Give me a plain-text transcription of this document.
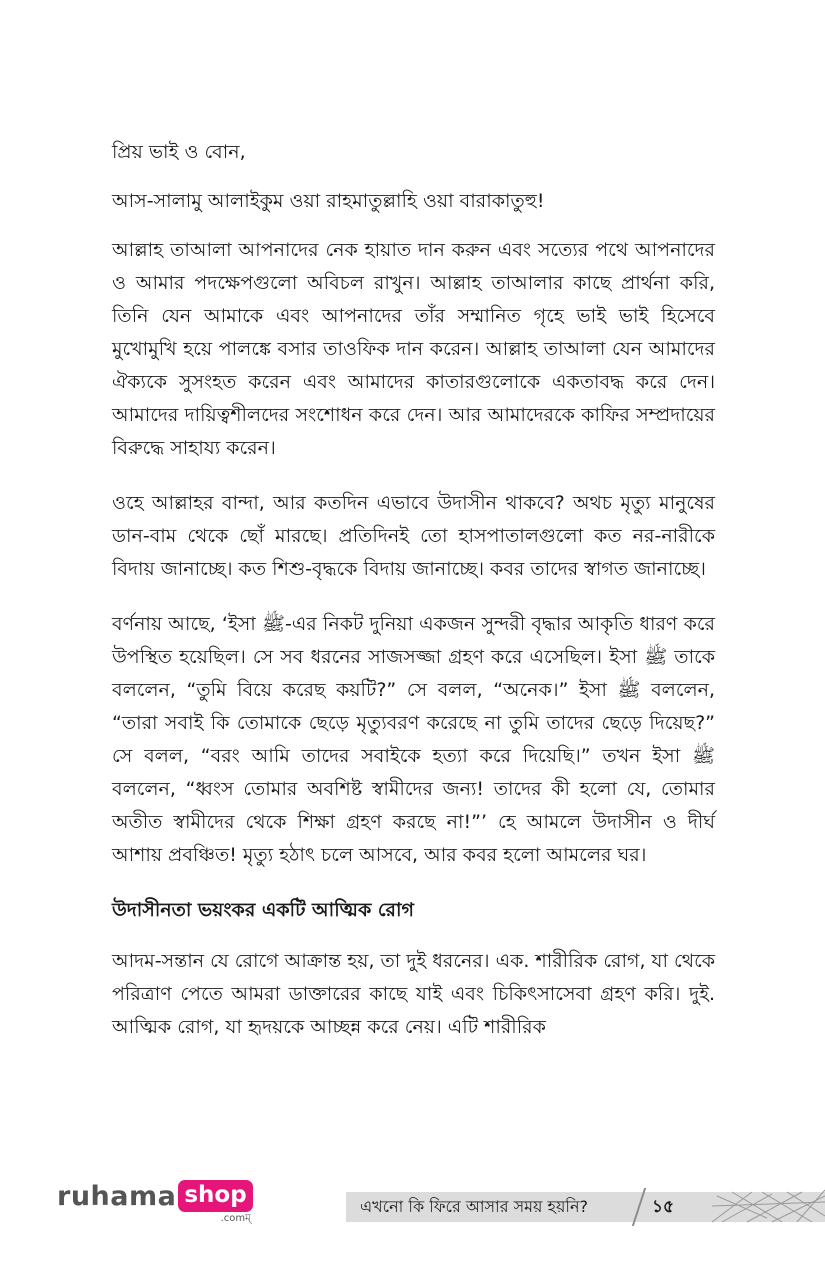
প্রিয় ভাই ও বোন,

আস-সালামু আলাইকুম ওয়া রাহমাতুল্লাহি ওয়া বারাকাতুহু!

আল্লাহ তাআলা আপনাদের নেক হায়াত দান করুন এবং সত্যের পথে আপনাদের ও আমার পদক্ষেপগুলো অবিচল রাখুন। আল্লাহ তাআলার কাছে প্রার্থনা করি, তিনি যেন আমাকে এবং আপনাদের তাঁর সম্মানিত গৃহে ভাই ভাই হিসেবে মুখোমুখি হয়ে পালঙ্কে বসার তাওফিক দান করেন। আল্লাহ তাআলা যেন আমাদের ঐক্যকে সুসংহত করেন এবং আমাদের কাতারগুলোকে একতাবদ্ধ করে দেন। আমাদের দায়িত্বশীলদের সংশোধন করে দেন। আর আমাদেরকে কাফির সম্প্রদায়ের বিরুদ্ধে সাহায্য করেন।

ওহে আল্লাহর বান্দা, আর কতদিন এভাবে উদাসীন থাকবে? অথচ মৃত্যু মানুষের ডান-বাম থেকে ছোঁ মারছে। প্রতিদিনই তো হাসপাতালগুলো কত নর-নারীকে বিদায় জানাচ্ছে। কত শিশু-বৃদ্ধকে বিদায় জানাচ্ছে। কবর তাদের স্বাগত জানাচ্ছে।

বর্ণনায় আছে, ‘ইসা ﷺ-এর নিকট দুনিয়া একজন সুন্দরী বৃদ্ধার আকৃতি ধারণ করে উপস্থিত হয়েছিল। সে সব ধরনের সাজসজ্জা গ্রহণ করে এসেছিল। ইসা ﷺ তাকে বললেন, “তুমি বিয়ে করেছ কয়টি?” সে বলল, “অনেক।” ইসা ﷺ বললেন, “তারা সবাই কি তোমাকে ছেড়ে মৃত্যুবরণ করেছে না তুমি তাদের ছেড়ে দিয়েছ?” সে বলল, “বরং আমি তাদের সবাইকে হত্যা করে দিয়েছি।” তখন ইসা ﷺ বললেন, “ধ্বংস তোমার অবশিষ্ট স্বামীদের জন্য! তাদের কী হলো যে, তোমার অতীত স্বামীদের থেকে শিক্ষা গ্রহণ করছে না!”’ হে আমলে উদাসীন ও দীর্ঘ আশায় প্রবঞ্চিত! মৃত্যু হঠাৎ চলে আসবে, আর কবর হলো আমলের ঘর।

উদাসীনতা ভয়ংকর একটি আত্মিক রোগ

আদম-সন্তান যে রোগে আক্রান্ত হয়, তা দুই ধরনের। এক. শারীরিক রোগ, যা থেকে পরিত্রাণ পেতে আমরা ডাক্তারের কাছে যাই এবং চিকিৎসাসেবা গ্রহণ করি। দুই. আত্মিক রোগ, যা হৃদয়কে আচ্ছন্ন করে নেয়। এটি শারীরিক

ruhama shop
.comম্
এখনো কি ফিরে আসার সময় হয়নি?	১৫
